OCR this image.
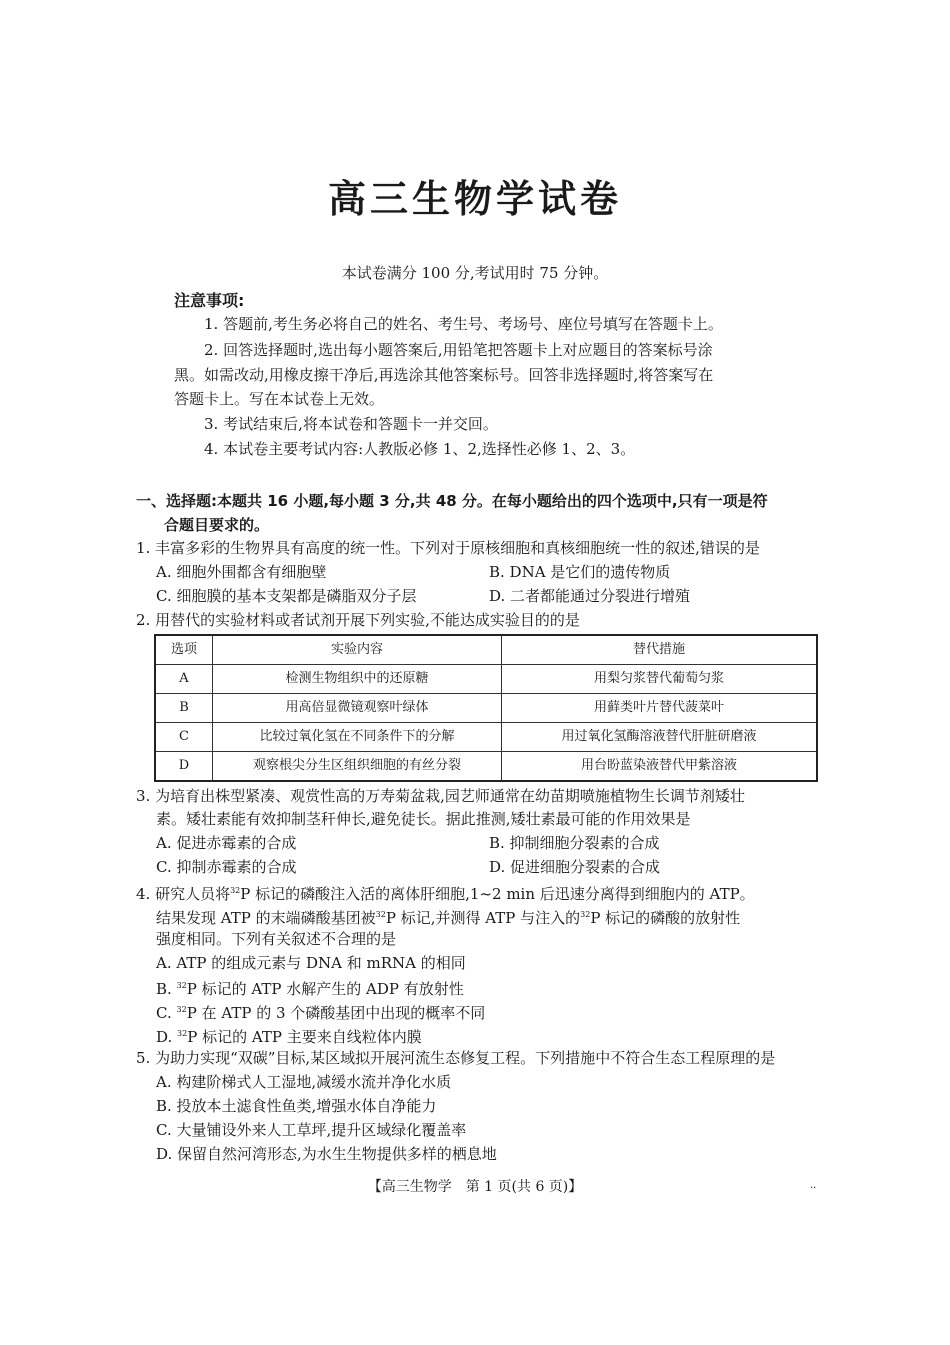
高三生物学试卷
本试卷满分 100 分,考试用时 75 分钟。
注意事项:
1. 答题前,考生务必将自己的姓名、考生号、考场号、座位号填写在答题卡上。
2. 回答选择题时,选出每小题答案后,用铅笔把答题卡上对应题目的答案标号涂
黑。如需改动,用橡皮擦干净后,再选涂其他答案标号。回答非选择题时,将答案写在
答题卡上。写在本试卷上无效。
3. 考试结束后,将本试卷和答题卡一并交回。
4. 本试卷主要考试内容:人教版必修 1、2,选择性必修 1、2、3。
一、选择题:本题共 16 小题,每小题 3 分,共 48 分。在每小题给出的四个选项中,只有一项是符
合题目要求的。
1. 丰富多彩的生物界具有高度的统一性。下列对于原核细胞和真核细胞统一性的叙述,错误的是
A. 细胞外围都含有细胞壁	B. DNA 是它们的遗传物质
C. 细胞膜的基本支架都是磷脂双分子层	D. 二者都能通过分裂进行增殖
2. 用替代的实验材料或者试剂开展下列实验,不能达成实验目的的是
选项	实验内容	替代措施
A	检测生物组织中的还原糖	用梨匀浆替代葡萄匀浆
B	用高倍显微镜观察叶绿体	用藓类叶片替代菠菜叶
C	比较过氧化氢在不同条件下的分解	用过氧化氢酶溶液替代肝脏研磨液
D	观察根尖分生区组织细胞的有丝分裂	用台盼蓝染液替代甲紫溶液
3. 为培育出株型紧凑、观赏性高的万寿菊盆栽,园艺师通常在幼苗期喷施植物生长调节剂矮壮
素。矮壮素能有效抑制茎秆伸长,避免徒长。据此推测,矮壮素最可能的作用效果是
A. 促进赤霉素的合成	B. 抑制细胞分裂素的合成
C. 抑制赤霉素的合成	D. 促进细胞分裂素的合成
4. 研究人员将$^{32}$P 标记的磷酸注入活的离体肝细胞,1~2 min 后迅速分离得到细胞内的 ATP。
结果发现 ATP 的末端磷酸基团被$^{32}$P 标记,并测得 ATP 与注入的$^{32}$P 标记的磷酸的放射性
强度相同。下列有关叙述不合理的是
A. ATP 的组成元素与 DNA 和 mRNA 的相同
B. $^{32}$P 标记的 ATP 水解产生的 ADP 有放射性
C. $^{32}$P 在 ATP 的 3 个磷酸基团中出现的概率不同
D. $^{32}$P 标记的 ATP 主要来自线粒体内膜
5. 为助力实现“双碳”目标,某区域拟开展河流生态修复工程。下列措施中不符合生态工程原理的是
A. 构建阶梯式人工湿地,减缓水流并净化水质
B. 投放本土滤食性鱼类,增强水体自净能力
C. 大量铺设外来人工草坪,提升区域绿化覆盖率
D. 保留自然河湾形态,为水生生物提供多样的栖息地
【高三生物学　第 1 页(共 6 页)】	..
